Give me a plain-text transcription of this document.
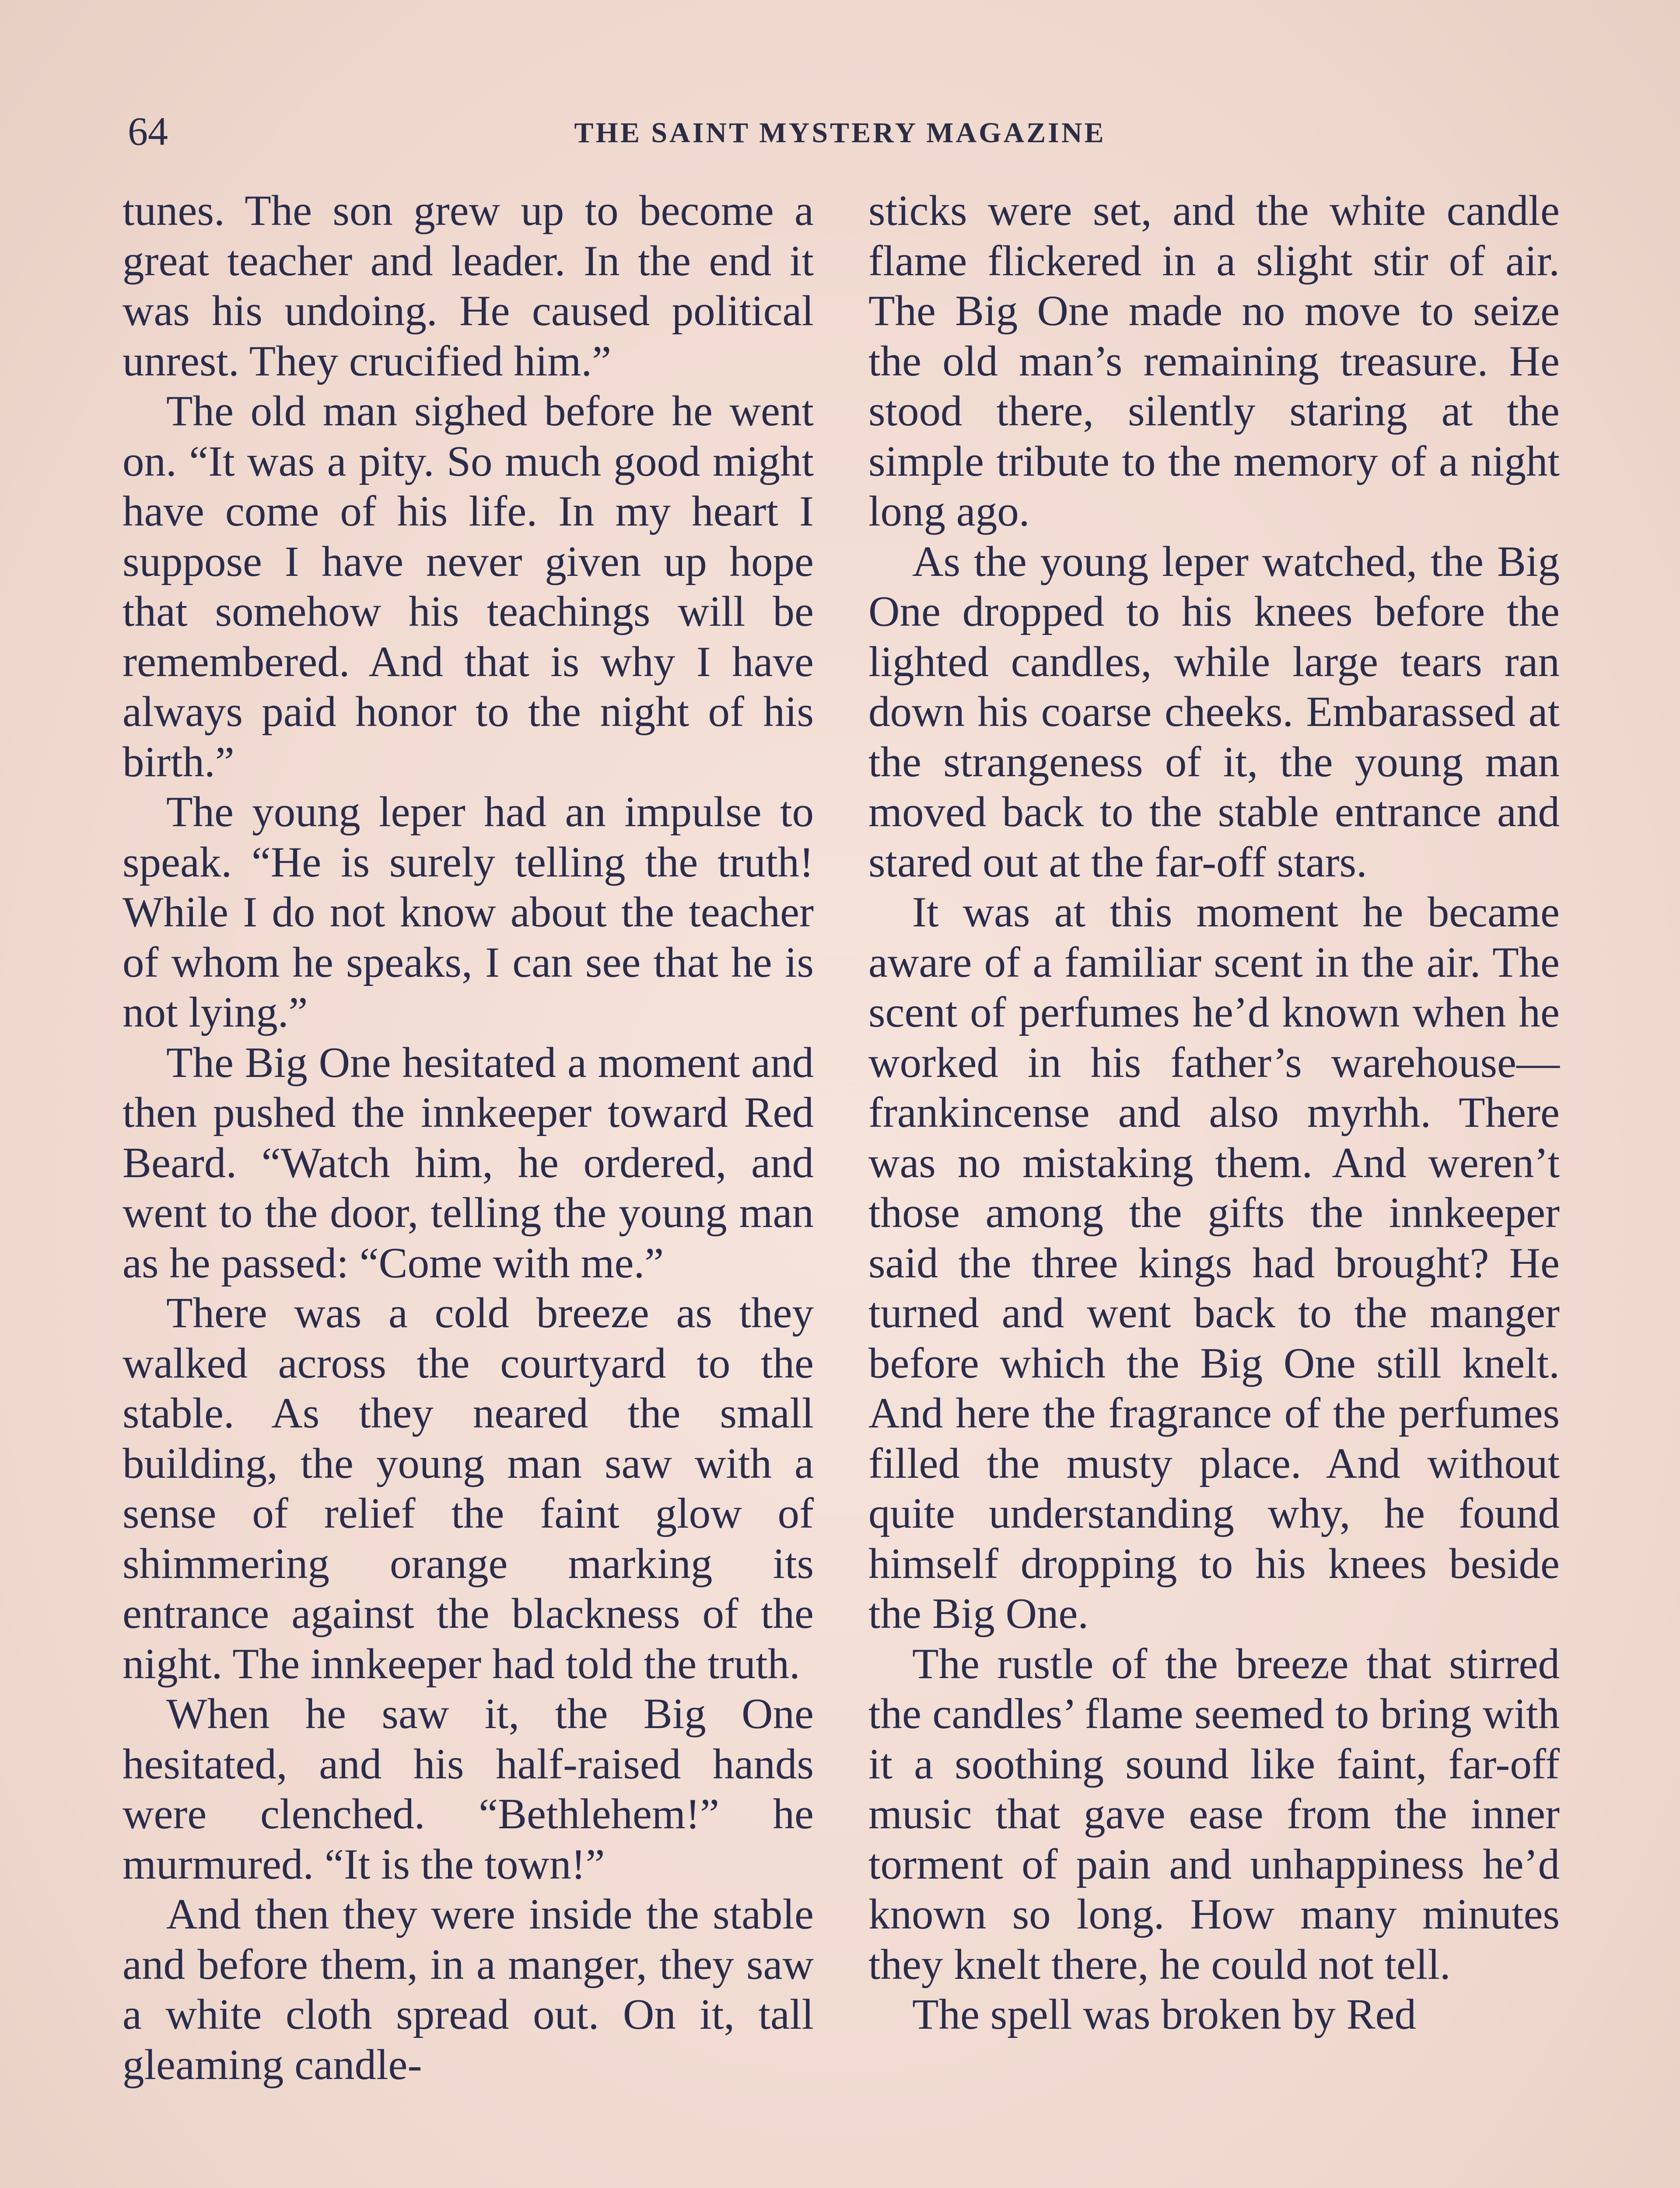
64	THE SAINT MYSTERY MAGAZINE

tunes. The son grew up to become a great teacher and leader. In the end it was his undoing. He caused political unrest. They crucified him.”

The old man sighed before he went on. “It was a pity. So much good might have come of his life. In my heart I suppose I have never given up hope that somehow his teachings will be remembered. And that is why I have always paid honor to the night of his birth.”

The young leper had an impulse to speak. “He is surely telling the truth! While I do not know about the teacher of whom he speaks, I can see that he is not lying.”

The Big One hesitated a moment and then pushed the innkeeper toward Red Beard. “Watch him, he ordered, and went to the door, telling the young man as he passed: “Come with me.”

There was a cold breeze as they walked across the courtyard to the stable. As they neared the small building, the young man saw with a sense of relief the faint glow of shimmering orange marking its entrance against the blackness of the night. The innkeeper had told the truth.

When he saw it, the Big One hesitated, and his half-raised hands were clenched. “Bethlehem!” he murmured. “It is the town!”

And then they were inside the stable and before them, in a manger, they saw a white cloth spread out. On it, tall gleaming candle-

sticks were set, and the white candle flame flickered in a slight stir of air. The Big One made no move to seize the old man’s remaining treasure. He stood there, silently staring at the simple tribute to the memory of a night long ago.

As the young leper watched, the Big One dropped to his knees before the lighted candles, while large tears ran down his coarse cheeks. Embarassed at the strangeness of it, the young man moved back to the stable entrance and stared out at the far-off stars.

It was at this moment he became aware of a familiar scent in the air. The scent of perfumes he’d known when he worked in his father’s warehouse—frankincense and also myrhh. There was no mistaking them. And weren’t those among the gifts the innkeeper said the three kings had brought? He turned and went back to the manger before which the Big One still knelt. And here the fragrance of the perfumes filled the musty place. And without quite understanding why, he found himself dropping to his knees beside the Big One.

The rustle of the breeze that stirred the candles’ flame seemed to bring with it a soothing sound like faint, far-off music that gave ease from the inner torment of pain and unhappiness he’d known so long. How many minutes they knelt there, he could not tell.

The spell was broken by Red
